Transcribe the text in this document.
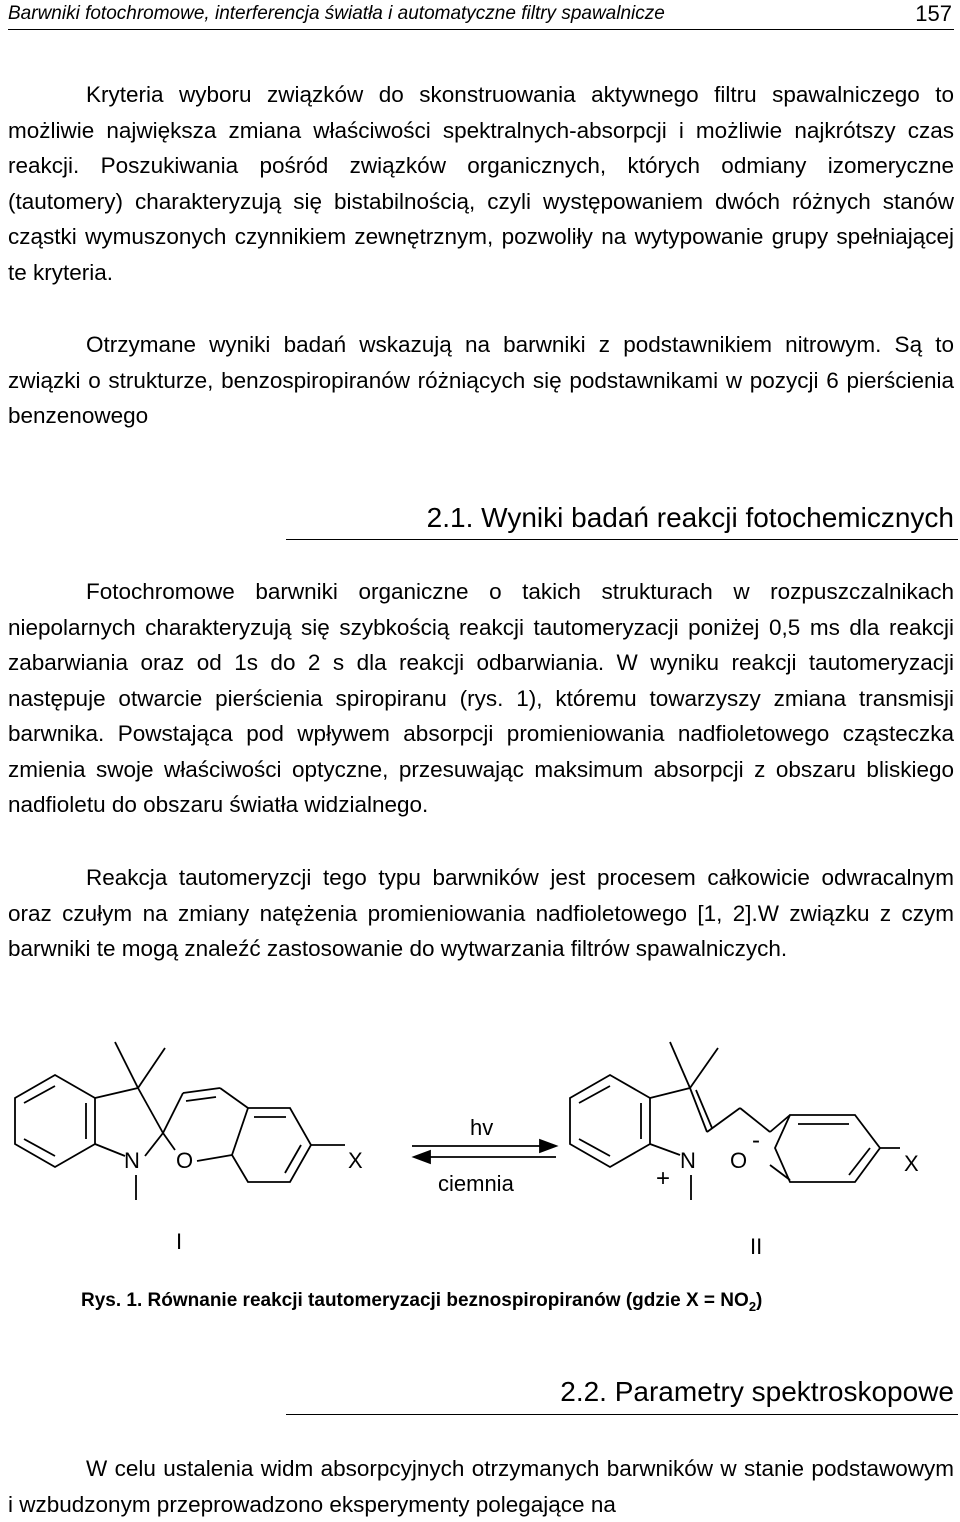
Barwniki fotochromowe, interferencja światła i automatyczne filtry spawalnicze	157

Kryteria wyboru związków do skonstruowania aktywnego filtru spawalniczego to możliwie największa zmiana właściwości spektralnych-absorpcji i możliwie najkrótszy czas reakcji. Poszukiwania pośród związków organicznych, których odmiany izomeryczne (tautomery) charakteryzują się bistabilnością, czyli występowaniem dwóch różnych stanów cząstki wymuszonych czynnikiem zewnętrznym, pozwoliły na wytypowanie grupy spełniającej te kryteria.

Otrzymane wyniki badań wskazują na barwniki z podstawnikiem nitrowym. Są to związki o strukturze, benzospiropiranów różniących się podstawnikami w pozycji 6 pierścienia benzenowego

2.1. Wyniki badań reakcji fotochemicznych

Fotochromowe barwniki organiczne o takich strukturach w rozpuszczalnikach niepolarnych charakteryzują się szybkością reakcji tautomeryzacji poniżej 0,5 ms dla reakcji zabarwiania oraz od 1s do 2 s dla reakcji odbarwiania. W wyniku reakcji tautomeryzacji następuje otwarcie pierścienia spiropiranu (rys. 1), któremu towarzyszy zmiana transmisji barwnika. Powstająca pod wpływem absorpcji promieniowania nadfioletowego cząsteczka zmienia swoje właściwości optyczne, przesuwając maksimum absorpcji z obszaru bliskiego nadfioletu do obszaru światła widzialnego.

Reakcja tautomeryzcji tego typu barwników jest procesem całkowicie odwracalnym oraz czułym na zmiany natężenia promieniowania nadfioletowego [1, 2].W związku z czym barwniki te mogą znaleźć zastosowanie do wytwarzania filtrów spawalniczych.

N O	X
hv
ciemnia
N
+
O
-
X
I	II
Rys. 1. Równanie reakcji tautomeryzacji beznospiropiranów (gdzie $X = NO_2$)
2.2. Parametry spektroskopowe

W celu ustalenia widm absorpcyjnych otrzymanych barwników w stanie podstawowym i wzbudzonym przeprowadzono eksperymenty polegające na
